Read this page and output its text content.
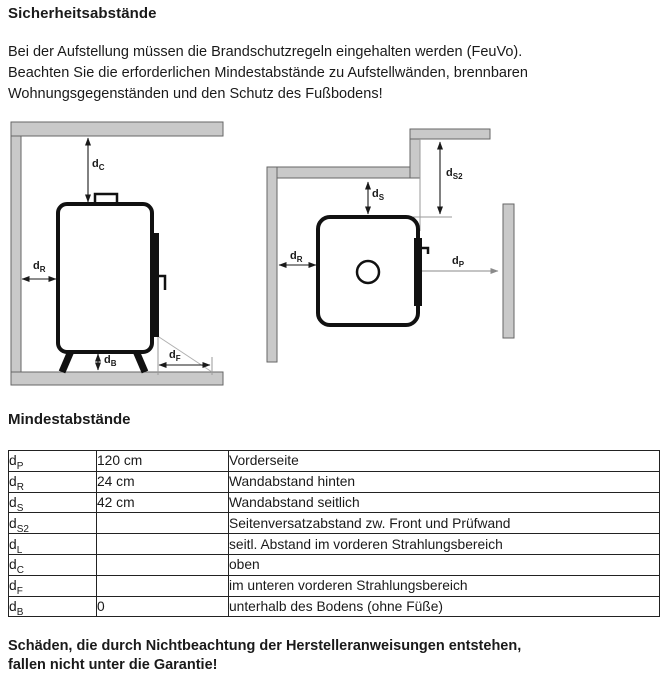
Sicherheitsabstände
Bei der Aufstellung müssen die Brandschutzregeln eingehalten werden (FeuVo).
Beachten Sie die erforderlichen Mindestabstände zu Aufstellwänden, brennbaren
Wohnungsgegenständen und den Schutz des Fußbodens!
$d_C$
$d_R$
$d_B$
$d_F$
$d_S$
$d_{S2}$
$d_R$	$d_P$
Mindestabstände
$d_P$	120 cm	Vorderseite
$d_R$	24 cm	Wandabstand hinten
$d_S$	42 cm	Wandabstand seitlich
$d_{S2}$		Seitenversatzabstand zw. Front und Prüfwand
$d_L$		seitl. Abstand im vorderen Strahlungsbereich
$d_C$		oben
$d_F$		im unteren vorderen Strahlungsbereich
$d_B$	0	unterhalb des Bodens (ohne Füße)
Schäden, die durch Nichtbeachtung der Herstelleranweisungen entstehen,
fallen nicht unter die Garantie!
